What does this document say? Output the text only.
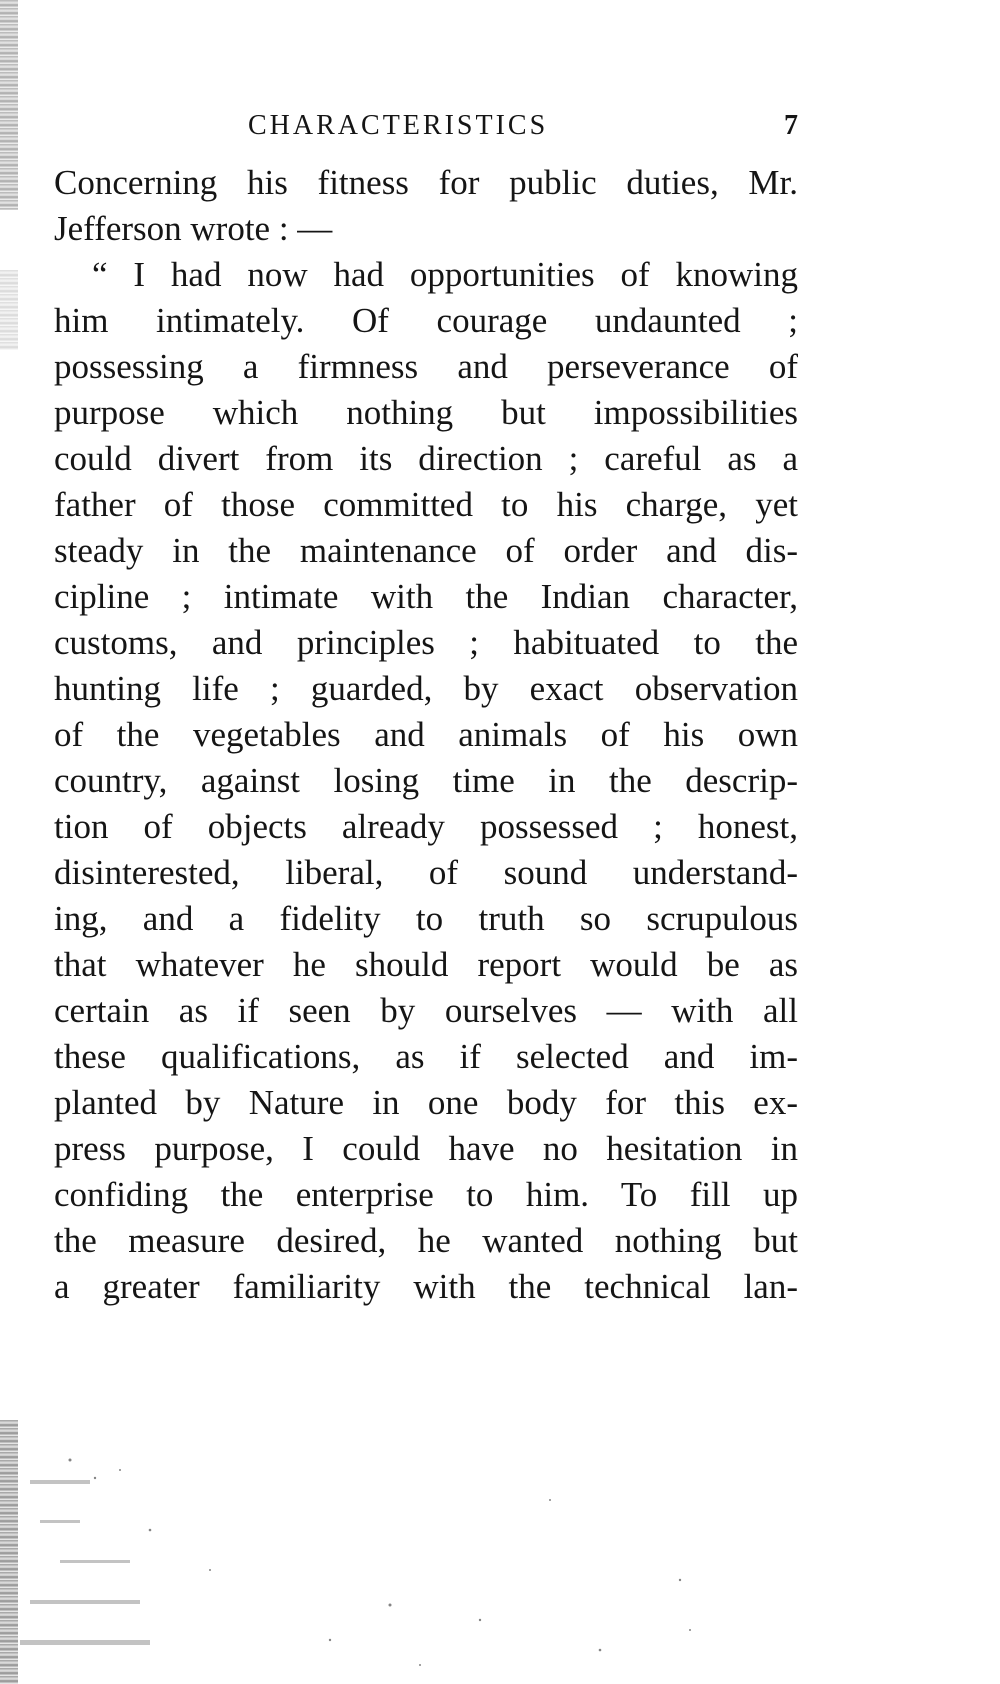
CHARACTERISTICS	7
Concerning his fitness for public duties, Mr.
Jefferson wrote : —
“ I had now had opportunities of knowing
him intimately. Of courage undaunted ;
possessing a firmness and perseverance of
purpose which nothing but impossibilities
could divert from its direction ; careful as a
father of those committed to his charge, yet
steady in the maintenance of order and dis-
cipline ; intimate with the Indian character,
customs, and principles ; habituated to the
hunting life ; guarded, by exact observation
of the vegetables and animals of his own
country, against losing time in the descrip-
tion of objects already possessed ; honest,
disinterested, liberal, of sound understand-
ing, and a fidelity to truth so scrupulous
that whatever he should report would be as
certain as if seen by ourselves — with all
these qualifications, as if selected and im-
planted by Nature in one body for this ex-
press purpose, I could have no hesitation in
confiding the enterprise to him. To fill up
the measure desired, he wanted nothing but
a greater familiarity with the technical lan-
